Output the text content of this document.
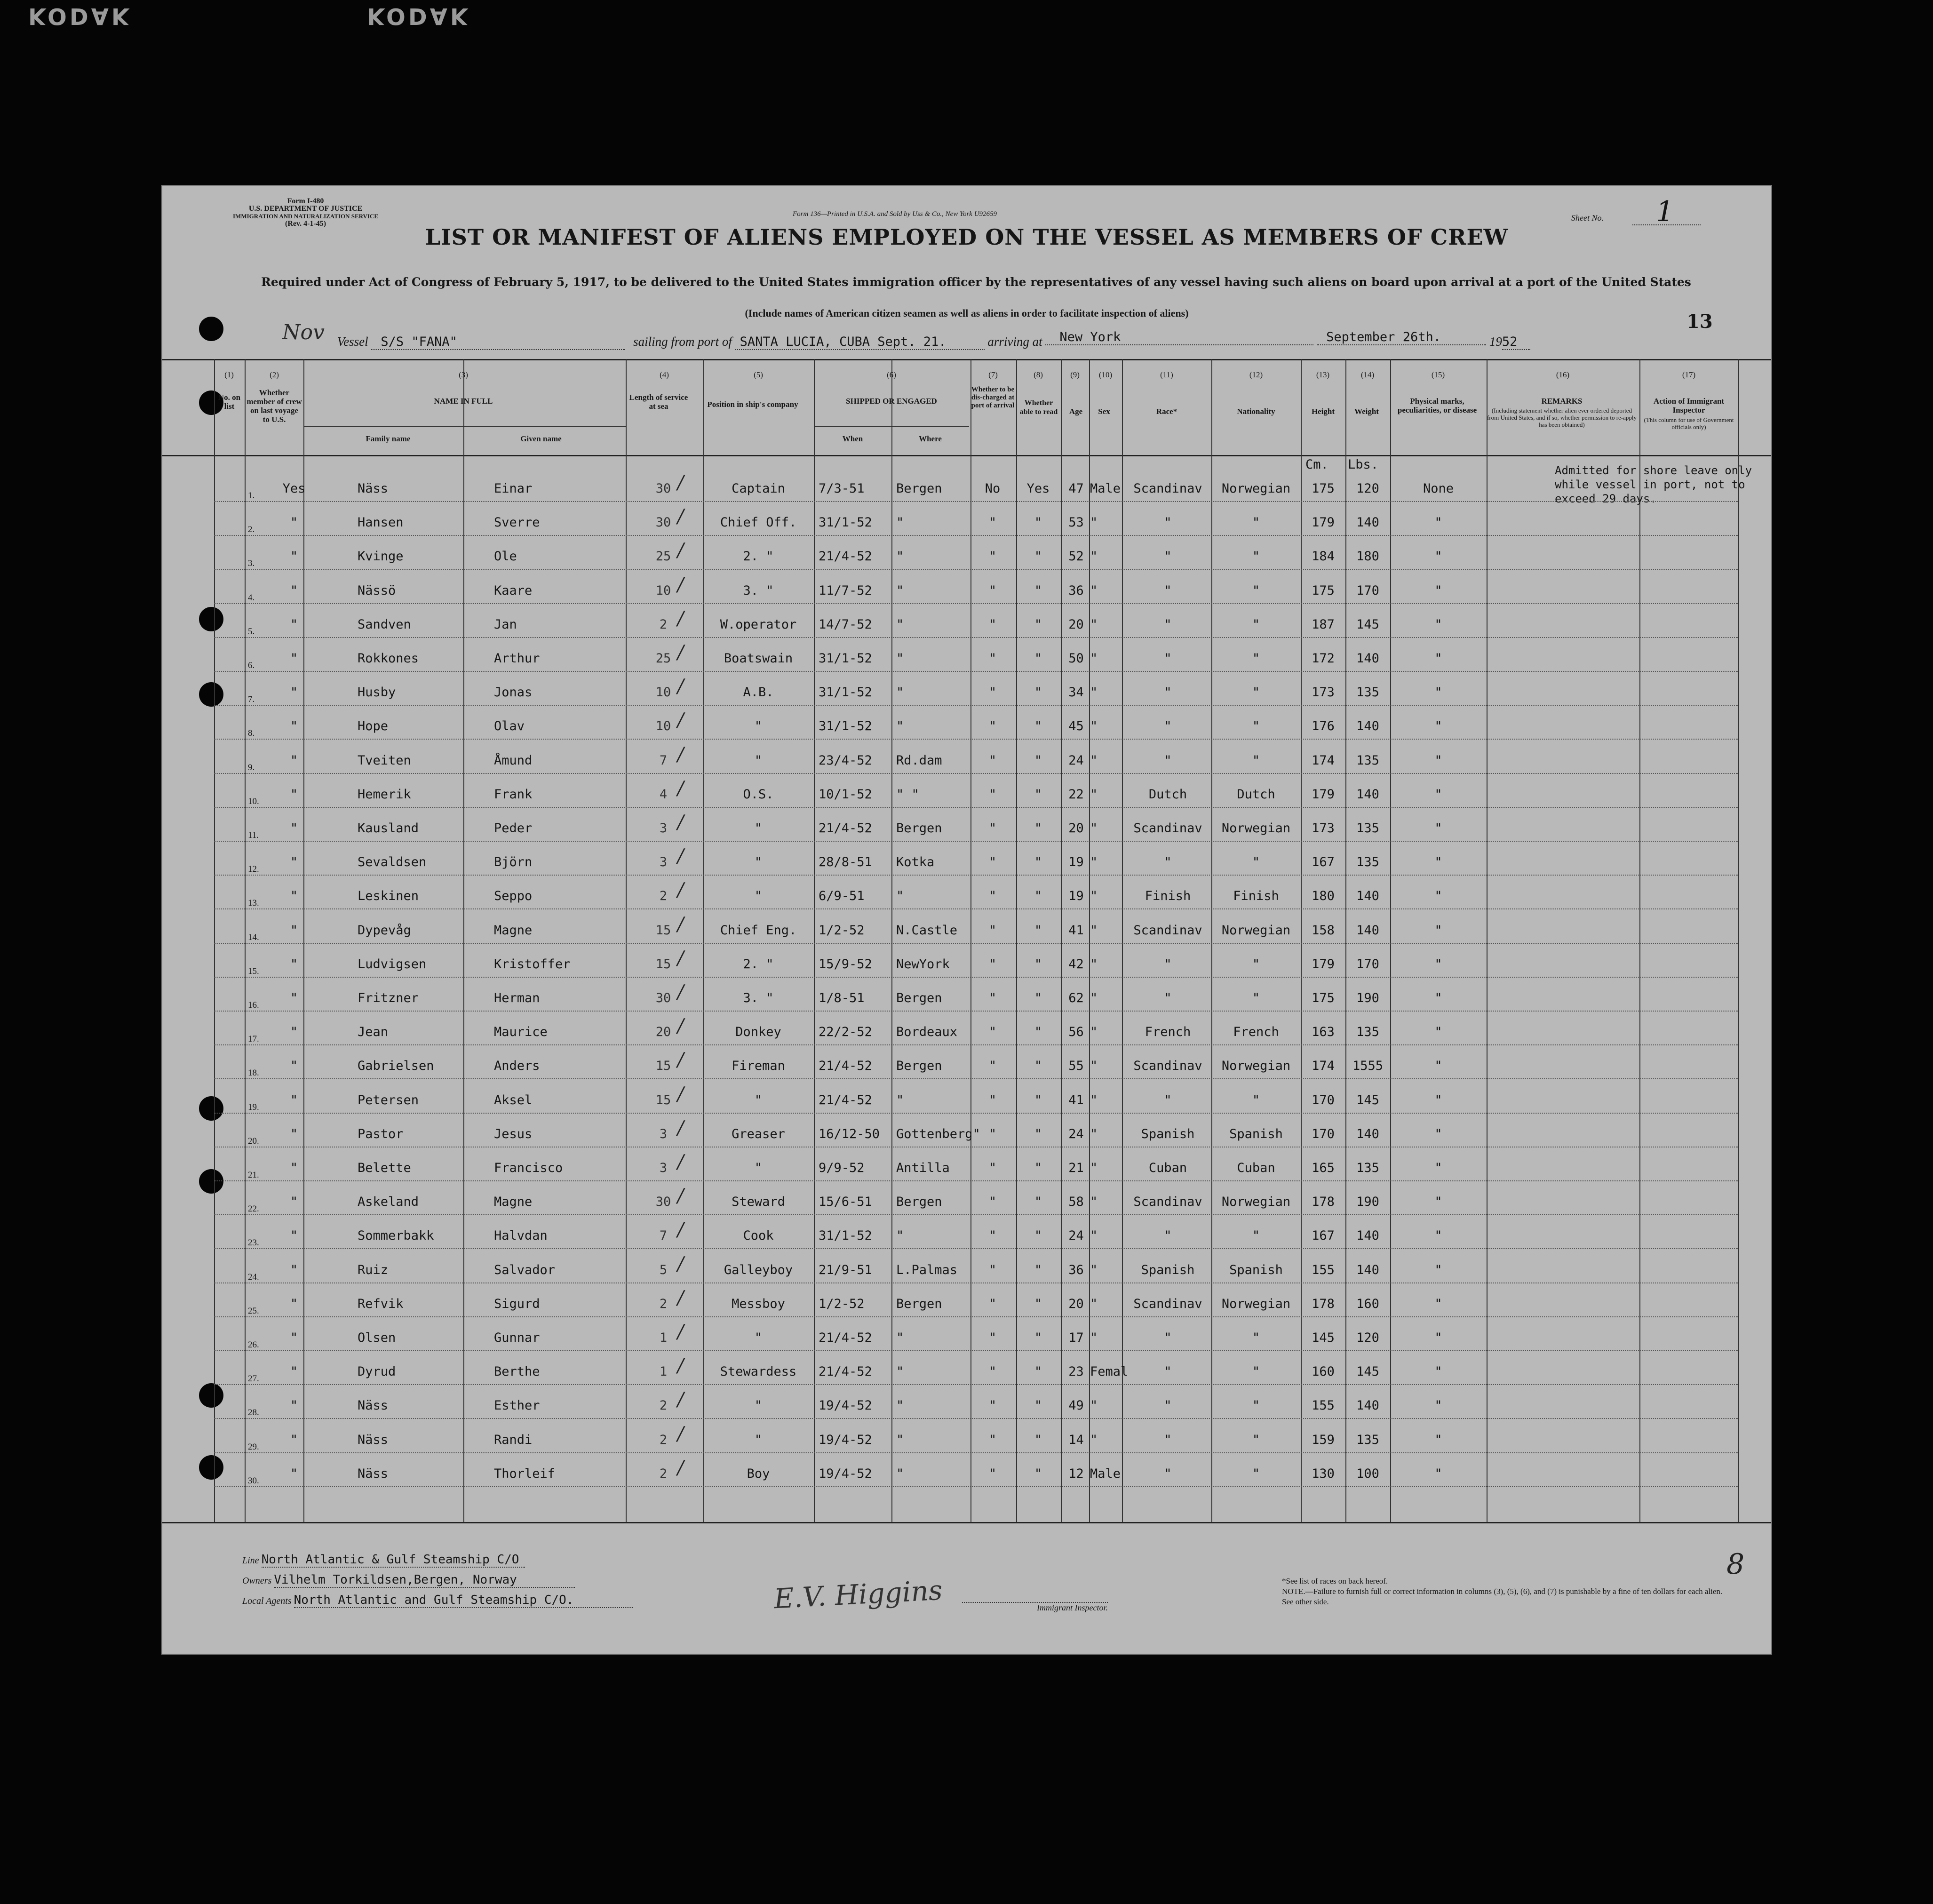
KODAK	KODAK
Form I-480
U.S. DEPARTMENT OF JUSTICE
IMMIGRATION AND NATURALIZATION SERVICE
(Rev. 4-1-45)
Form 136—Printed in U.S.A. and Sold by Uss & Co., New York U92659	Sheet No. 1
LIST OR MANIFEST OF ALIENS EMPLOYED ON THE VESSEL AS MEMBERS OF CREW
Required under Act of Congress of February 5, 1917, to be delivered to the United States immigration officer by the representatives of any vessel having such aliens on board upon arrival at a port of the United States
(Include names of American citizen seamen as well as aliens in order to facilitate inspection of aliens)	13
Nov Vessel S/S "FANA"	sailing from port of SANTA LUCIA, CUBA Sept. 21.	arriving at New York	September 26th.	1952
(1)	(2)	(3)	(4)	(5)	(6)	(7)	(8)	(9)	(10)	(11)	(12)	(13)	(14)	(15)	(16)	(17)
No. on list
Whether member of crew on last voyage to U.S.
NAME IN FULL
Family name	Given name
Length of service at sea	Position in ship's company	SHIPPED OR ENGAGED
When	Where
Whether to be dis-charged at port of arrival	Whether able to read	Age	Sex	Race*	Nationality	Height	Weight
Physical marks, peculiarities, or disease
REMARKS
(Including statement whether alien ever ordered deported from United States, and if so, whether permission to re-apply has been obtained)
Action of Immigrant Inspector
(This column for use of Government officials only)
Cm. Lbs.	Admitted for shore leave only while vessel in port, not to exceed 29 days.
1.	Yes	Näss	Einar	30	Captain	7/3-51 Bergen	No	Yes	47 Male	Scandinav	Norwegian	175	120	None
/
2.	"	Hansen	Sverre	30	Chief Off.	31/1-52 "	"	"	53 "	"	"	179	140	"
/
3.	"	Kvinge	Ole	25	2. "	21/4-52 "	"	"	52 "	"	"	184	180	"
/
4.	"	Nässö	Kaare	10	3. "	11/7-52 "	"	"	36 "	"	"	175	170	"
/
5.	"	Sandven	Jan	2	W.operator	14/7-52 "	"	"	20 "	"	"	187	145	"
/
6.	"	Rokkones	Arthur	25	Boatswain	31/1-52 "	"	"	50 "	"	"	172	140	"
/
7.	"	Husby	Jonas	10	A.B.	31/1-52 "	"	"	34 "	"	"	173	135	"
/
8.	"	Hope	Olav	10	"	31/1-52 "	"	"	45 "	"	"	176	140	"
/
9.	"	Tveiten	Åmund	7	"	23/4-52 Rd.dam	"	"	24 "	"	"	174	135	"
/
10.	"	Hemerik	Frank	4	O.S.	10/1-52 " "	"	"	22 "	Dutch	Dutch	179	140	"
/
11.	"	Kausland	Peder	3	"	21/4-52 Bergen	"	"	20 "	Scandinav	Norwegian	173	135	"
/
12.	"	Sevaldsen	Björn	3	"	28/8-51 Kotka	"	"	19 "	"	"	167	135	"
/
13.	"	Leskinen	Seppo	2	"	6/9-51 "	"	"	19 "	Finish	Finish	180	140	"
/
14.	"	Dypevåg	Magne	15	Chief Eng.	1/2-52 N.Castle	"	"	41 "	Scandinav	Norwegian	158	140	"
/
15.	"	Ludvigsen	Kristoffer	15	2. "	15/9-52 NewYork	"	"	42 "	"	"	179	170	"
/
16.	"	Fritzner	Herman	30	3. "	1/8-51 Bergen	"	"	62 "	"	"	175	190	"
/
17.	"	Jean	Maurice	20	Donkey	22/2-52 Bordeaux	"	"	56 "	French	French	163	135	"
/
18.	"	Gabrielsen	Anders	15	Fireman	21/4-52 Bergen	"	"	55 "	Scandinav	Norwegian	174	1555	"
/
19.	"	Petersen	Aksel	15	"	21/4-52 "	"	"	41 "	"	"	170	145	"
/
20.	"	Pastor	Jesus	3	Greaser	16/12-50 Gottenberg" "	"	24 "	Spanish	Spanish	170	140	"
/
21.	"	Belette	Francisco	3	"	9/9-52 Antilla	"	"	21 "	Cuban	Cuban	165	135	"
/
22.	"	Askeland	Magne	30	Steward	15/6-51 Bergen	"	"	58 "	Scandinav	Norwegian	178	190	"
/
23.	"	Sommerbakk	Halvdan	7	Cook	31/1-52 "	"	"	24 "	"	"	167	140	"
/
24.	"	Ruiz	Salvador	5	Galleyboy	21/9-51 L.Palmas	"	"	36 "	Spanish	Spanish	155	140	"
/
25.	"	Refvik	Sigurd	2	Messboy	1/2-52 Bergen	"	"	20 "	Scandinav	Norwegian	178	160	"
/
26.	"	Olsen	Gunnar	1	"	21/4-52 "	"	"	17 "	"	"	145	120	"
/
27.	"	Dyrud	Berthe	1	Stewardess	21/4-52 "	"	"	23 Femal	"	"	160	145	"
/
28.	"	Näss	Esther	2	"	19/4-52 "	"	"	49 "	"	"	155	140	"
/
29.	"	Näss	Randi	2	"	19/4-52 "	"	"	14 "	"	"	159	135	"
/
30.	"	Näss	Thorleif	2	Boy	19/4-52 "	"	"	12 Male	"	"	130	100	"
/
Line North Atlantic & Gulf Steamship C/O
Owners Vilhelm Torkildsen,Bergen, Norway
Local Agents North Atlantic and Gulf Steamship C/O.	E.V. Higgins	Immigrant Inspector.
*See list of races on back hereof.
NOTE.—Failure to furnish full or correct information in columns (3), (5), (6), and (7) is punishable by a fine of ten dollars for each alien. See other side.
8
